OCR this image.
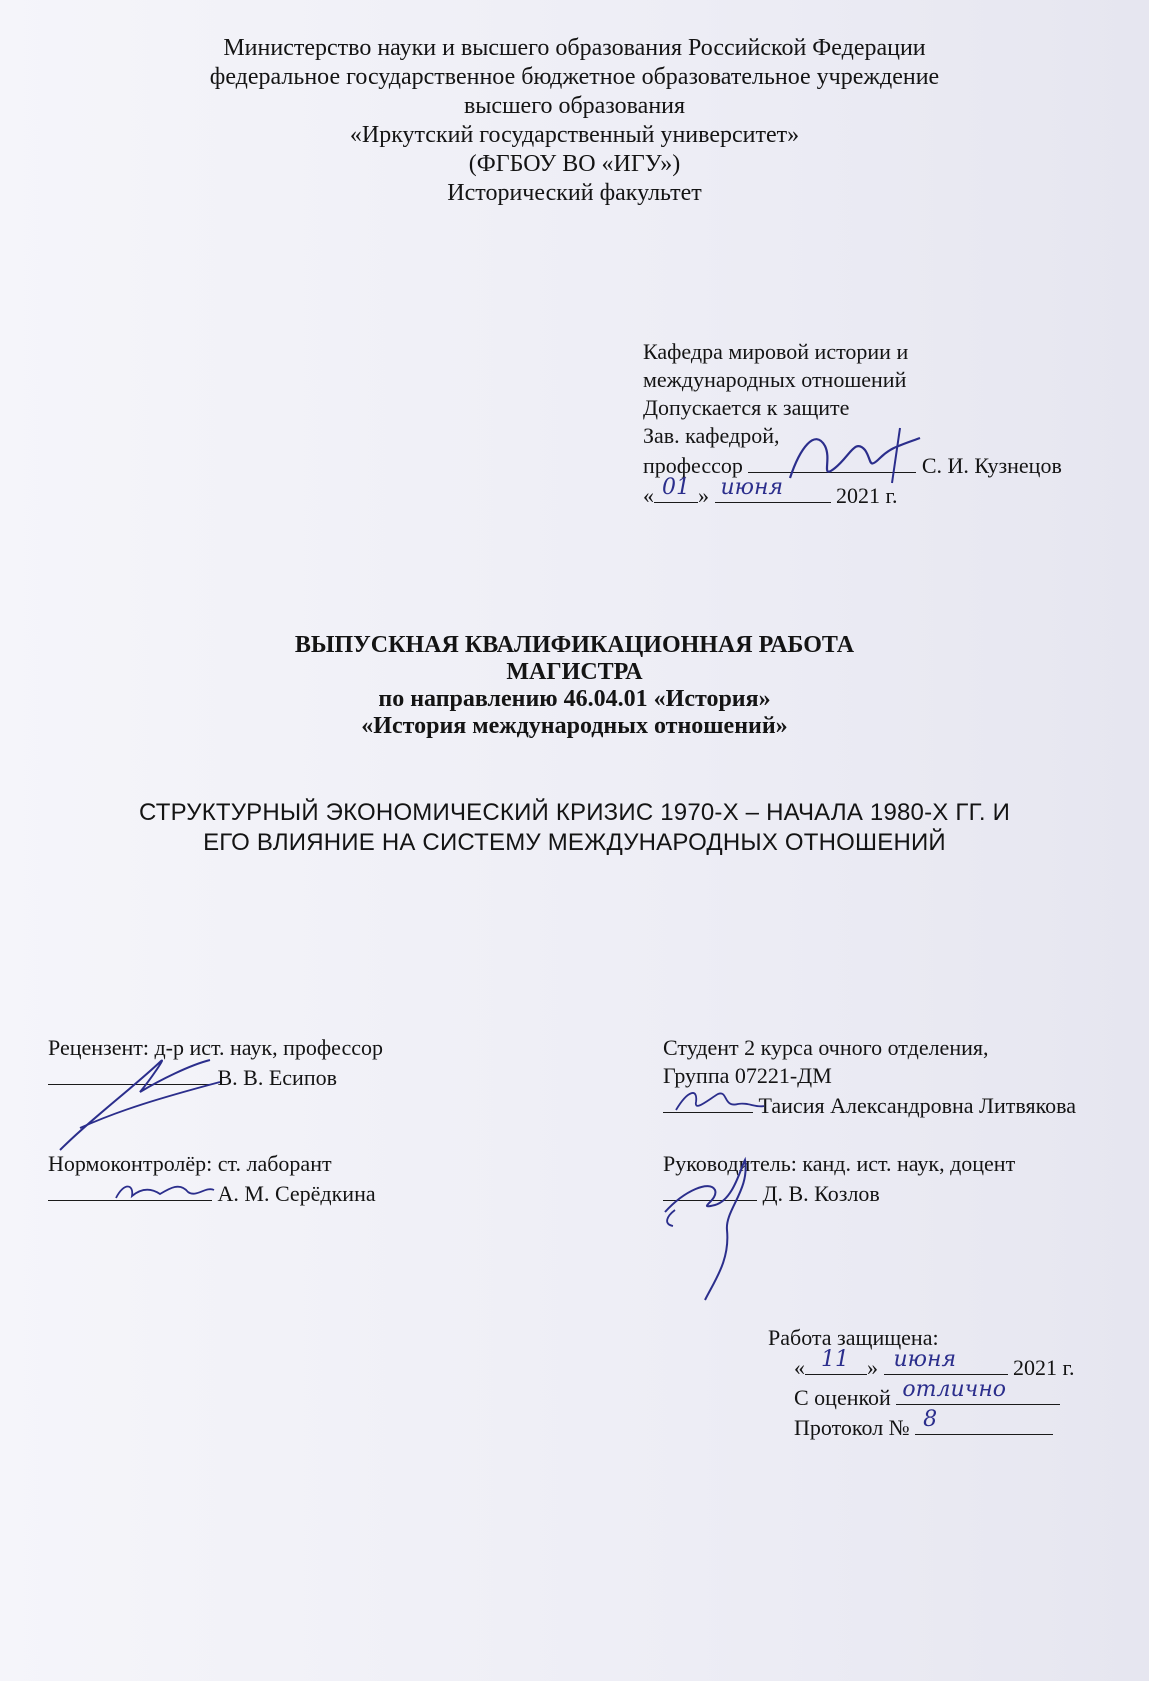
Министерство науки и высшего образования Российской Федерации
федеральное государственное бюджетное образовательное учреждение
высшего образования
«Иркутский государственный университет»
(ФГБОУ ВО «ИГУ»)
Исторический факультет
Кафедра мировой истории и
международных отношений
Допускается к защите
Зав. кафедрой,
профессор	С. И. Кузнецов
« 01 » июня 2021 г.
ВЫПУСКНАЯ КВАЛИФИКАЦИОННАЯ РАБОТА
МАГИСТРА
по направлению 46.04.01 «История»
«История международных отношений»
СТРУКТУРНЫЙ ЭКОНОМИЧЕСКИЙ КРИЗИС 1970-Х – НАЧАЛА 1980-Х ГГ. И
ЕГО ВЛИЯНИЕ НА СИСТЕМУ МЕЖДУНАРОДНЫХ ОТНОШЕНИЙ
Рецензент: д-р ист. наук, профессор
В. В. Есипов
Студент 2 курса очного отделения,
Группа 07221-ДМ
Таисия Александровна Литвякова
Нормоконтролёр: ст. лаборант
А. М. Серёдкина
Руководитель: канд. ист. наук, доцент
Д. В. Козлов
Работа защищена:
« 11 » июня	2021 г.
С оценкой отлично
Протокол № 8
